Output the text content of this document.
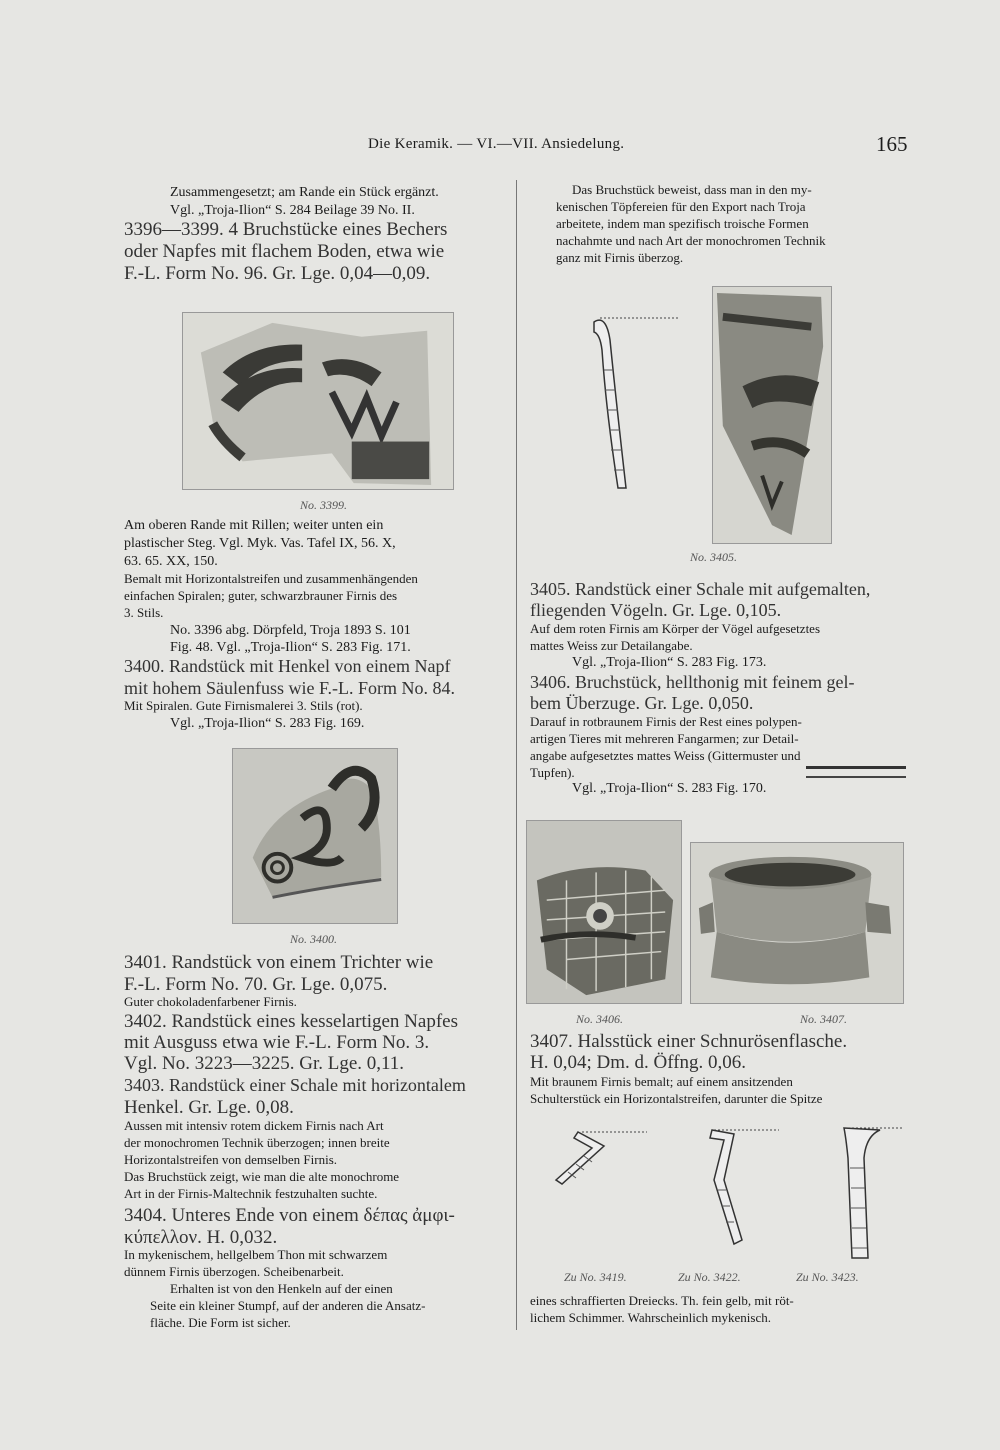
Die Keramik. — VI.—VII. Ansiedelung.	165
Zusammengesetzt; am Rande ein Stück ergänzt.
Vgl. „Troja-Ilion“ S. 284 Beilage 39 No. II.
3396—3399. 4 Bruchstücke eines Bechers
oder Napfes mit flachem Boden, etwa wie
F.-L. Form No. 96. Gr. Lge. 0,04—0,09.
No. 3399.
Am oberen Rande mit Rillen; weiter unten ein
plastischer Steg. Vgl. Myk. Vas. Tafel IX, 56. X,
63. 65. XX, 150.
Bemalt mit Horizontalstreifen und zusammenhängenden
einfachen Spiralen; guter, schwarzbrauner Firnis des
3. Stils.
No. 3396 abg. Dörpfeld, Troja 1893 S. 101
Fig. 48. Vgl. „Troja-Ilion“ S. 283 Fig. 171.
3400. Randstück mit Henkel von einem Napf
mit hohem Säulenfuss wie F.-L. Form No. 84.
Mit Spiralen. Gute Firnismalerei 3. Stils (rot).
Vgl. „Troja-Ilion“ S. 283 Fig. 169.
No. 3400.
3401. Randstück von einem Trichter wie
F.-L. Form No. 70. Gr. Lge. 0,075.
Guter chokoladenfarbener Firnis.
3402. Randstück eines kesselartigen Napfes
mit Ausguss etwa wie F.-L. Form No. 3.
Vgl. No. 3223—3225. Gr. Lge. 0,11.
3403. Randstück einer Schale mit horizontalem
Henkel. Gr. Lge. 0,08.
Aussen mit intensiv rotem dickem Firnis nach Art
der monochromen Technik überzogen; innen breite
Horizontalstreifen von demselben Firnis.
Das Bruchstück zeigt, wie man die alte monochrome
Art in der Firnis-Maltechnik festzuhalten suchte.
3404. Unteres Ende von einem δέπας ἀμφι-
κύπελλον. H. 0,032.
In mykenischem, hellgelbem Thon mit schwarzem
dünnem Firnis überzogen. Scheibenarbeit.
Erhalten ist von den Henkeln auf der einen
Seite ein kleiner Stumpf, auf der anderen die Ansatz-
fläche. Die Form ist sicher.
Das Bruchstück beweist, dass man in den my-
kenischen Töpfereien für den Export nach Troja
arbeitete, indem man spezifisch troische Formen
nachahmte und nach Art der monochromen Technik
ganz mit Firnis überzog.
No. 3405.
3405. Randstück einer Schale mit aufgemalten,
fliegenden Vögeln. Gr. Lge. 0,105.
Auf dem roten Firnis am Körper der Vögel aufgesetztes
mattes Weiss zur Detailangabe.
Vgl. „Troja-Ilion“ S. 283 Fig. 173.
3406. Bruchstück, hellthonig mit feinem gel-
bem Überzuge. Gr. Lge. 0,050.
Darauf in rotbraunem Firnis der Rest eines polypen-
artigen Tieres mit mehreren Fangarmen; zur Detail-
angabe aufgesetztes mattes Weiss (Gittermuster und
Tupfen).
Vgl. „Troja-Ilion“ S. 283 Fig. 170.
No. 3406.	No. 3407.
3407. Halsstück einer Schnurösenflasche.
H. 0,04; Dm. d. Öffng. 0,06.
Mit braunem Firnis bemalt; auf einem ansitzenden
Schulterstück ein Horizontalstreifen, darunter die Spitze
Zu No. 3419.	Zu No. 3422.	Zu No. 3423.
eines schraffierten Dreiecks. Th. fein gelb, mit röt-
lichem Schimmer. Wahrscheinlich mykenisch.
